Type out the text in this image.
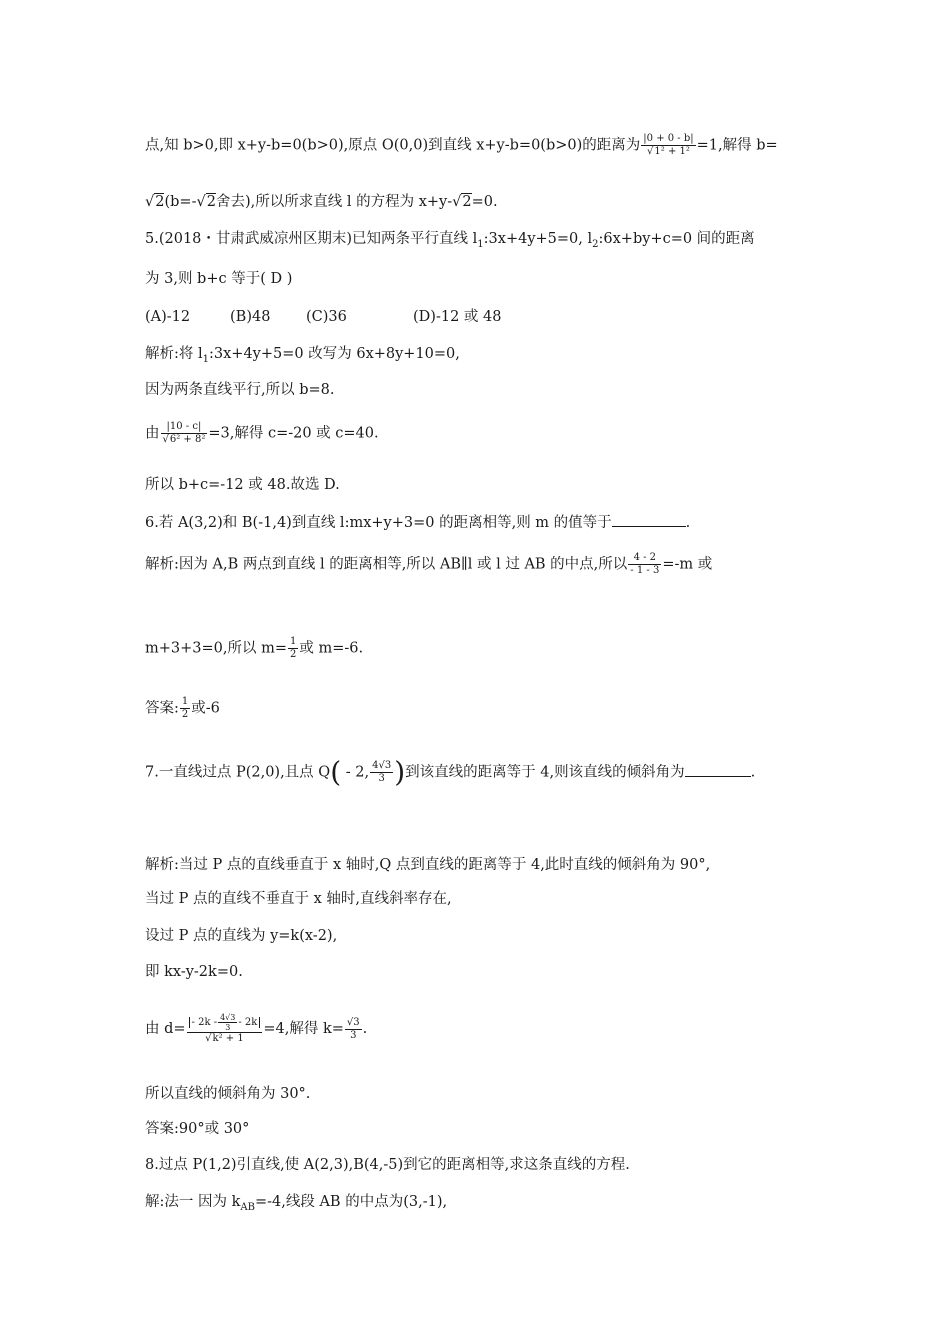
点,知 b>0,即 x+y-b=0(b>0),原点 O(0,0)到直线 x+y-b=0(b>0)的距离为 $\frac{|0 + 0 - b|}{\text{√1² + 1²}} =1$,解得 b=
√2(b=-√2舍去),所以所求直线 l 的方程为 x+y-√2=0.
5.(2018・甘肃武威凉州区期末)已知两条平行直线 $l_1:3x+4y+5=0$, $l_2:6x+by+c=0$ 间的距离
为 3,则 b+c 等于( D )
(A)-12	(B)48 (C)36	(D)-12 或 48
解析:将 $l_1:3x+4y+5=0$ 改写为 6x+8y+10=0,
因为两条直线平行,所以 b=8.
由 $\frac{|10 - c|}{\text{√6² + 8²}} =3$,解得 c=-20 或 c=40.
所以 b+c=-12 或 48.故选 D.
6.若 A(3,2)和 B(-1,4)到直线 l:mx+y+3=0 的距离相等,则 m 的值等于	.
解析:因为 A,B 两点到直线 l 的距离相等,所以 AB∥l 或 l 过 AB 的中点,所以 $\frac{4 - 2}{- 1 - 3} =-m$ 或
m+3+3=0,所以 $m= \frac{1}{2}$ 或 m=-6.
答案: $\frac{1}{2}$ 或-6
7.一直线过点 P(2,0),且点 Q( - 2, $\frac{4√3}{3}$ )到该直线的距离等于 4,则该直线的倾斜角为	.
解析:当过 P 点的直线垂直于 x 轴时,Q 点到直线的距离等于 4,此时直线的倾斜角为 90°,
当过 P 点的直线不垂直于 x 轴时,直线斜率存在,
设过 P 点的直线为 y=k(x-2),
即 kx-y-2k=0.
由 $d= \frac{- 2k - \frac{4√3}{3} - 2k}{\text{√k² + 1}} =4$,解得 $k= \frac{√3}{3}$ .
所以直线的倾斜角为 30°.
答案:90°或 30°
8.过点 P(1,2)引直线,使 A(2,3),B(4,-5)到它的距离相等,求这条直线的方程.
解:法一 因为 $k_{AB}=-4$,线段 AB 的中点为(3,-1),
